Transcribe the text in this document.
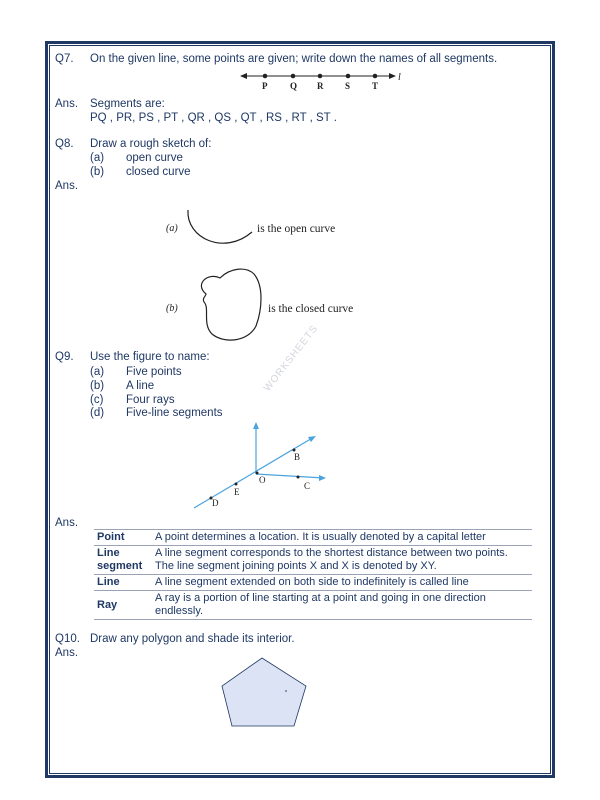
Q7. On the given line, some points are given; write down the names of all segments.
P	Q R S T
l
Ans. Segments are:
PQ , PR, PS , PT , QR , QS , QT , RS , RT , ST .
Q8. Draw a rough sketch of:
(a) open curve
(b) closed curve
Ans.
(a)	is the open curve
(b)	is the closed curve
Q9. Use the figure to name:
(a) Five points
(b) A line
(c) Four rays
(d) Five-line segments
WORKSHEETS
B
O
C
E
D
Ans.
Point	A point determines a location. It is usually denoted by a capital letter
Line segment	A line segment corresponds to the shortest distance between two points. The line segment joining points X and X is denoted by XY.
Line	A line segment extended on both side to indefinitely is called line
Ray	A ray is a portion of line starting at a point and going in one direction endlessly.
Q10. Draw any polygon and shade its interior.
Ans.
